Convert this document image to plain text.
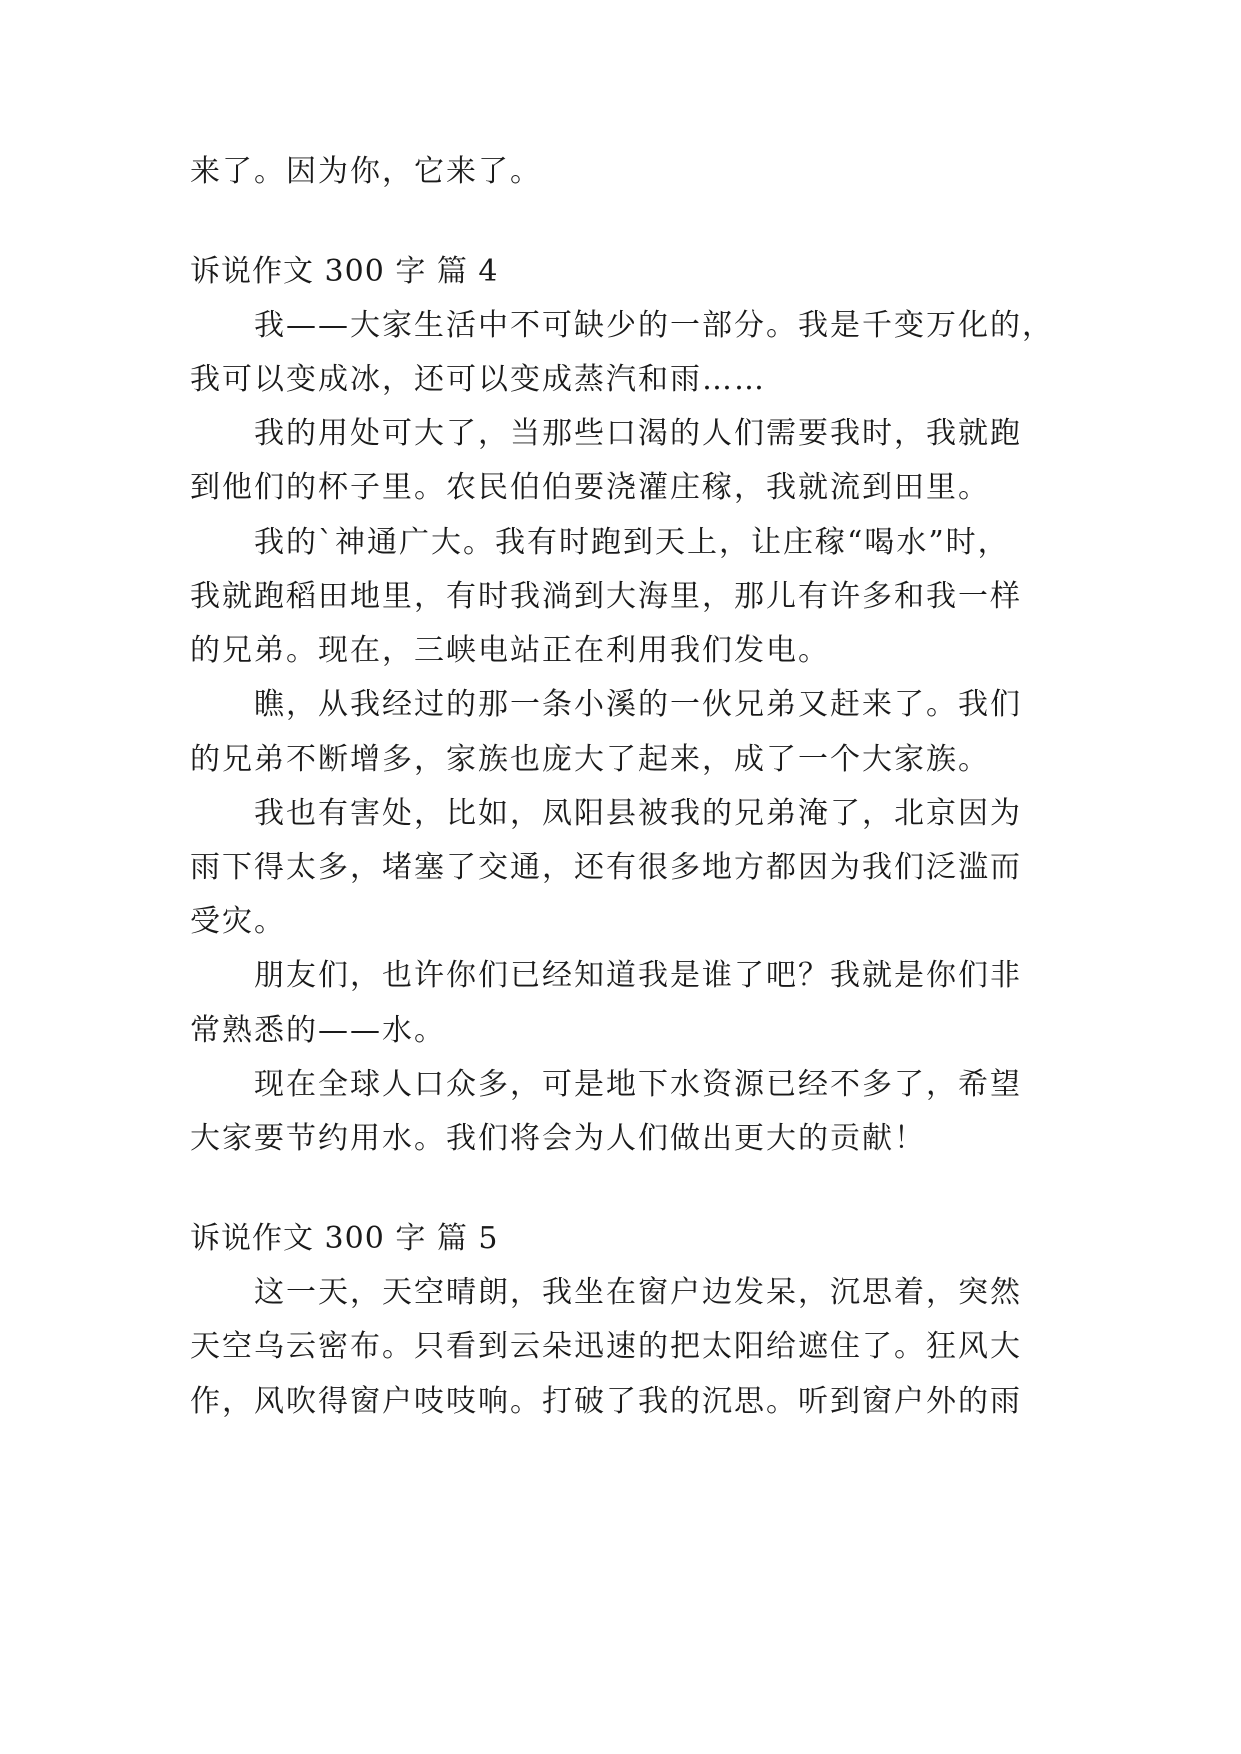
来了。因为你，它来了。
诉说作文 300 字 篇 4
我——大家生活中不可缺少的一部分。我是千变万化的，
我可以变成冰，还可以变成蒸汽和雨……
我的用处可大了，当那些口渴的人们需要我时，我就跑
到他们的杯子里。农民伯伯要浇灌庄稼，我就流到田里。
我的`神通广大。我有时跑到天上，让庄稼“喝水”时，
我就跑稻田地里，有时我淌到大海里，那儿有许多和我一样
的兄弟。现在，三峡电站正在利用我们发电。
瞧，从我经过的那一条小溪的一伙兄弟又赶来了。我们
的兄弟不断增多，家族也庞大了起来，成了一个大家族。
我也有害处，比如，凤阳县被我的兄弟淹了，北京因为
雨下得太多，堵塞了交通，还有很多地方都因为我们泛滥而
受灾。
朋友们，也许你们已经知道我是谁了吧？我就是你们非
常熟悉的——水。
现在全球人口众多，可是地下水资源已经不多了，希望
大家要节约用水。我们将会为人们做出更大的贡献！
诉说作文 300 字 篇 5
这一天，天空晴朗，我坐在窗户边发呆，沉思着，突然
天空乌云密布。只看到云朵迅速的把太阳给遮住了。狂风大
作，风吹得窗户吱吱响。打破了我的沉思。听到窗户外的雨
